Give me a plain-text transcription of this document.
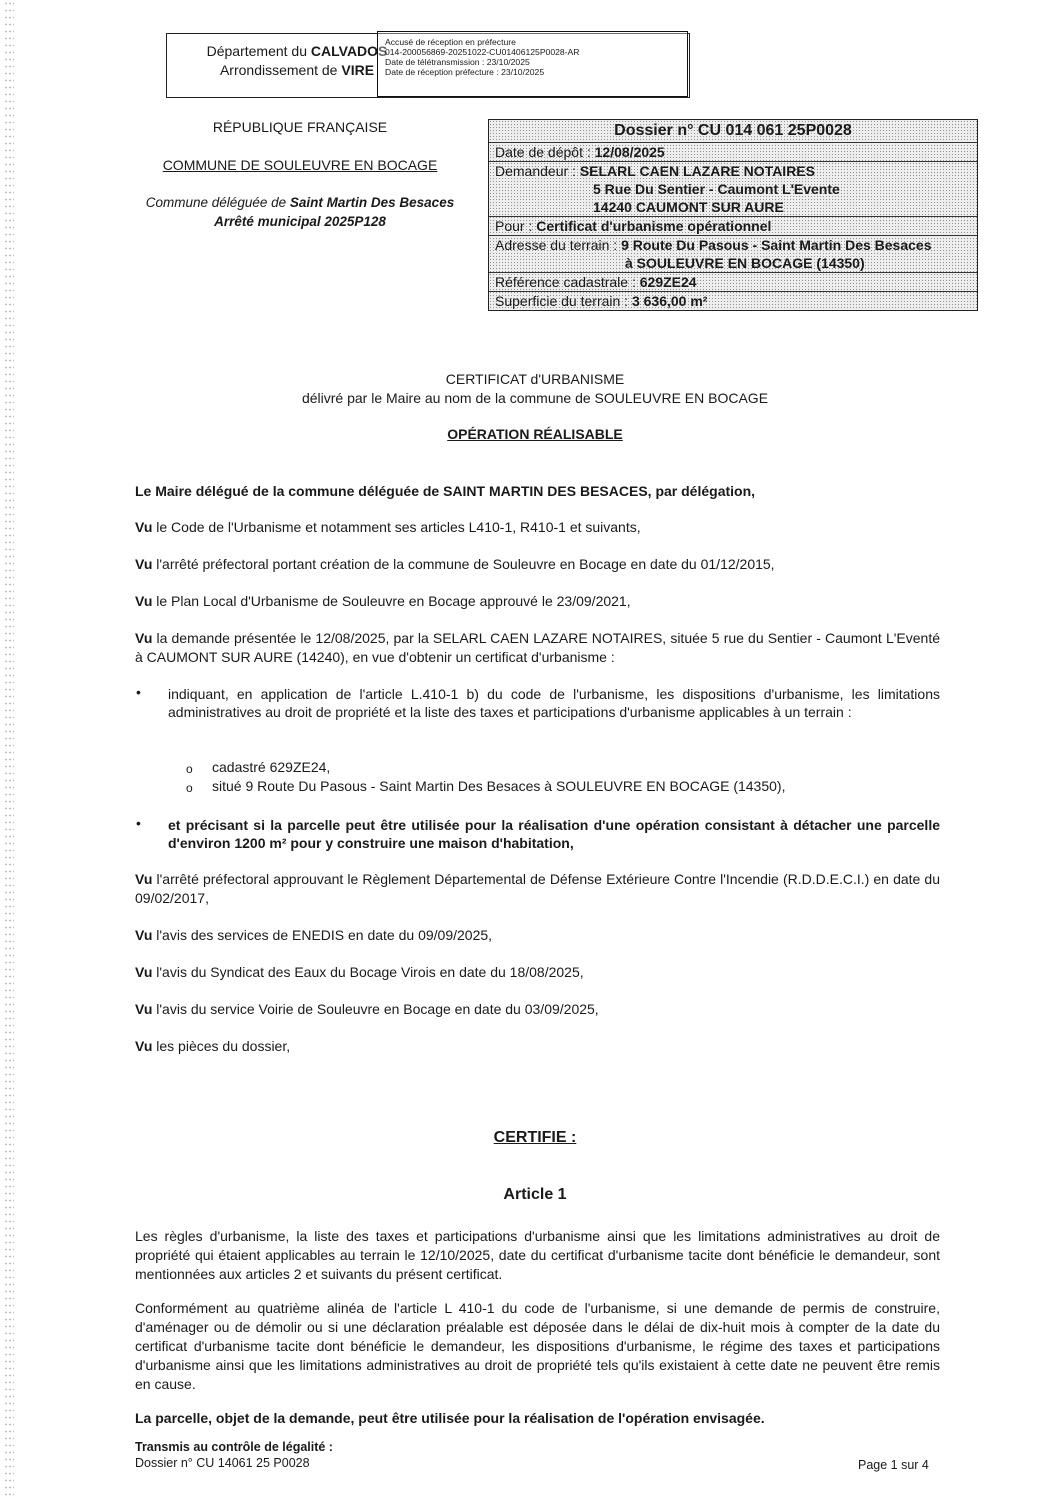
Département du CALVADOS
Arrondissement de VIRE
Accusé de réception en préfecture
014-200056869-20251022-CU01406125P0028-AR
Date de télétransmission : 23/10/2025
Date de réception préfecture : 23/10/2025
RÉPUBLIQUE FRANÇAISE
COMMUNE DE SOULEUVRE EN BOCAGE
Commune déléguée de Saint Martin Des Besaces
Arrêté municipal 2025P128
Dossier n° CU 014 061 25P0028
Date de dépôt : 12/08/2025
Demandeur : SELARL CAEN LAZARE NOTAIRES
5 Rue Du Sentier - Caumont L'Evente
14240 CAUMONT SUR AURE
Pour : Certificat d'urbanisme opérationnel
Adresse du terrain : 9 Route Du Pasous - Saint Martin Des Besaces
à SOULEUVRE EN BOCAGE (14350)
Référence cadastrale : 629ZE24
Superficie du terrain : 3 636,00 m²
CERTIFICAT d'URBANISME
délivré par le Maire au nom de la commune de SOULEUVRE EN BOCAGE
OPÉRATION RÉALISABLE
Le Maire délégué de la commune déléguée de SAINT MARTIN DES BESACES, par délégation,
Vu le Code de l'Urbanisme et notamment ses articles L410-1, R410-1 et suivants,
Vu l'arrêté préfectoral portant création de la commune de Souleuvre en Bocage en date du 01/12/2015,
Vu le Plan Local d'Urbanisme de Souleuvre en Bocage approuvé le 23/09/2021,
Vu la demande présentée le 12/08/2025, par la SELARL CAEN LAZARE NOTAIRES, située 5 rue du Sentier - Caumont L'Eventé à CAUMONT SUR AURE (14240), en vue d'obtenir un certificat d'urbanisme :
• indiquant, en application de l'article L.410-1 b) du code de l'urbanisme, les dispositions d'urbanisme, les limitations administratives au droit de propriété et la liste des taxes et participations d'urbanisme applicables à un terrain :
o cadastré 629ZE24,
o situé 9 Route Du Pasous - Saint Martin Des Besaces à SOULEUVRE EN BOCAGE (14350),
• et précisant si la parcelle peut être utilisée pour la réalisation d'une opération consistant à détacher une parcelle d'environ 1200 m² pour y construire une maison d'habitation,
Vu l'arrêté préfectoral approuvant le Règlement Départemental de Défense Extérieure Contre l'Incendie (R.D.D.E.C.I.) en date du 09/02/2017,
Vu l'avis des services de ENEDIS en date du 09/09/2025,
Vu l'avis du Syndicat des Eaux du Bocage Virois en date du 18/08/2025,
Vu l'avis du service Voirie de Souleuvre en Bocage en date du 03/09/2025,
Vu les pièces du dossier,
CERTIFIE :
Article 1
Les règles d'urbanisme, la liste des taxes et participations d'urbanisme ainsi que les limitations administratives au droit de propriété qui étaient applicables au terrain le 12/10/2025, date du certificat d'urbanisme tacite dont bénéficie le demandeur, sont mentionnées aux articles 2 et suivants du présent certificat.
Conformément au quatrième alinéa de l'article L 410-1 du code de l'urbanisme, si une demande de permis de construire, d'aménager ou de démolir ou si une déclaration préalable est déposée dans le délai de dix-huit mois à compter de la date du certificat d'urbanisme tacite dont bénéficie le demandeur, les dispositions d'urbanisme, le régime des taxes et participations d'urbanisme ainsi que les limitations administratives au droit de propriété tels qu'ils existaient à cette date ne peuvent être remis en cause.
La parcelle, objet de la demande, peut être utilisée pour la réalisation de l'opération envisagée.
Transmis au contrôle de légalité :
Dossier n° CU 14061 25 P0028	Page 1 sur 4
